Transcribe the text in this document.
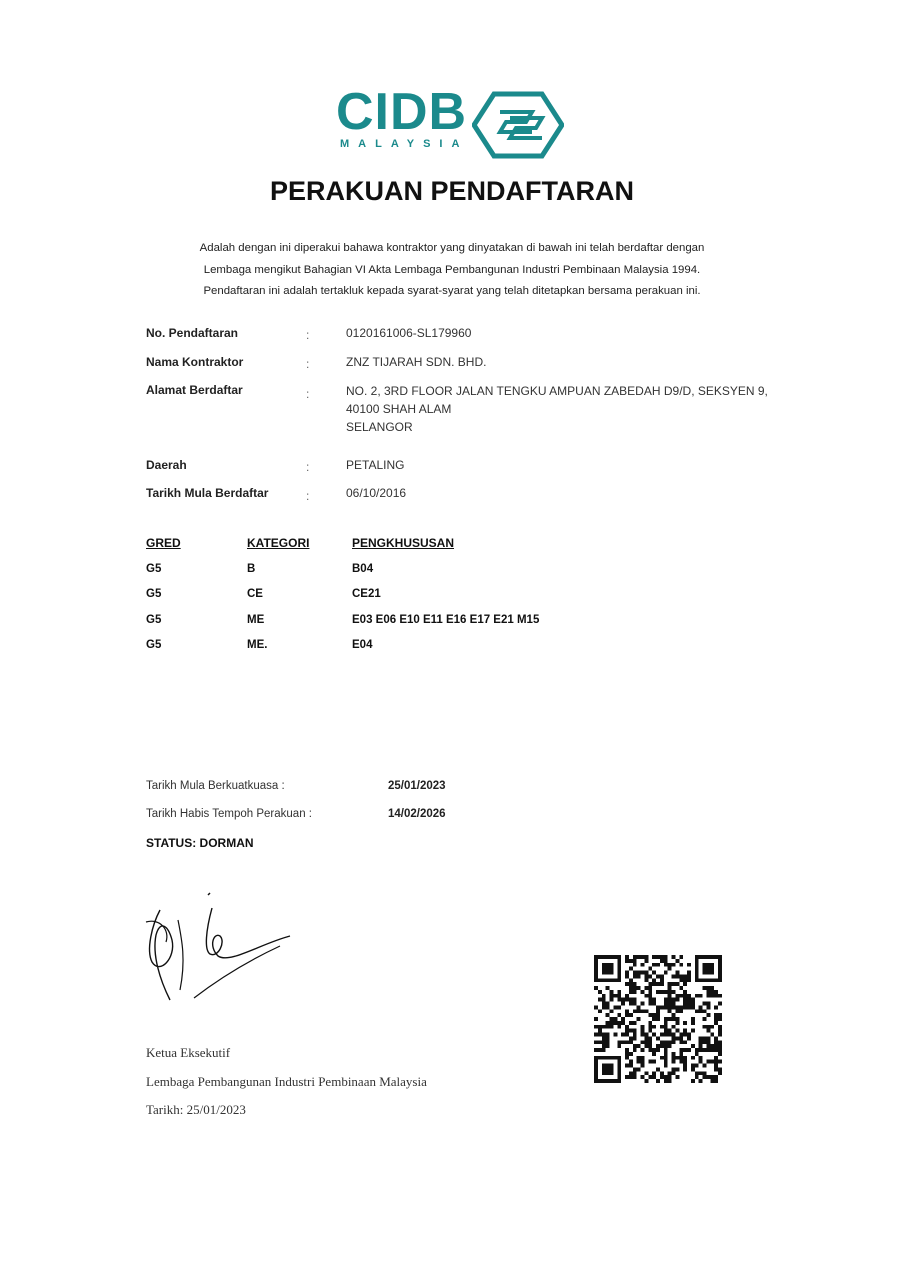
CIDB
MALAYSIA
PERAKUAN PENDAFTARAN

Adalah dengan ini diperakui bahawa kontraktor yang dinyatakan di bawah ini telah berdaftar dengan

Lembaga mengikut Bahagian VI Akta Lembaga Pembangunan Industri Pembinaan Malaysia 1994.

Pendaftaran ini adalah tertakluk kepada syarat-syarat yang telah ditetapkan bersama perakuan ini.

No. Pendaftaran	:	0120161006-SL179960
Nama Kontraktor	:	ZNZ TIJARAH SDN. BHD.
Alamat Berdaftar	:	NO. 2, 3RD FLOOR JALAN TENGKU AMPUAN ZABEDAH D9/D, SEKSYEN 9,
40100 SHAH ALAM
SELANGOR
Daerah	:	PETALING
Tarikh Mula Berdaftar	:	06/10/2016
GRED	KATEGORI	PENGKHUSUSAN
G5	B	B04
G5	CE	CE21
G5	ME	E03 E06 E10 E11 E16 E17 E21 M15
G5	ME.	E04
Tarikh Mula Berkuatkuasa :	25/01/2023
Tarikh Habis Tempoh Perakuan :	14/02/2026
STATUS: DORMAN
Ketua Eksekutif
Lembaga Pembangunan Industri Pembinaan Malaysia
Tarikh: 25/01/2023
